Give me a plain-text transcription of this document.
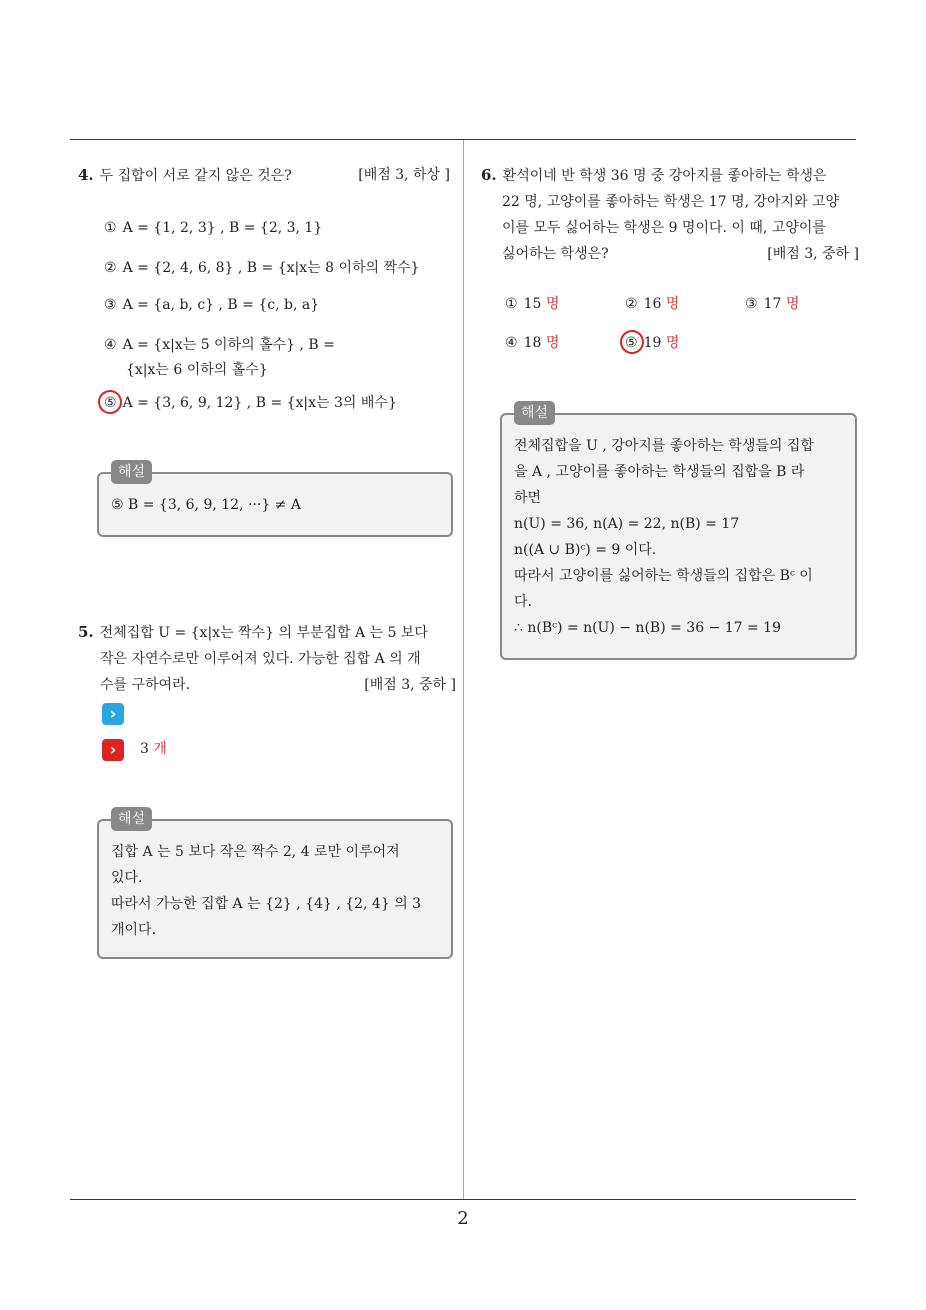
4. 두 집합이 서로 같지 않은 것은?	[배점 3, 하상 ]
① A = {1, 2, 3} , B = {2, 3, 1}
② A = {2, 4, 6, 8} , B = {x|x는 8 이하의 짝수}
③ A = {a, b, c} , B = {c, b, a}
④ A = {x|x는 5 이하의 홀수} , B =
{x|x는 6 이하의 홀수}
⑤ A = {3, 6, 9, 12} , B = {x|x는 3의 배수}
해설
⑤ B = {3, 6, 9, 12, ···} ≠ A
5. 전체집합 U = {x|x는 짝수} 의 부분집합 A 는 5 보다
작은 자연수로만 이루어져 있다. 가능한 집합 A 의 개
수를 구하여라.	[배점 3, 중하 ]
›
›	3 개
해설
집합 A 는 5 보다 작은 짝수 2, 4 로만 이루어져
있다.
따라서 가능한 집합 A 는 {2} , {4} , {2, 4} 의 3
개이다.
6. 환석이네 반 학생 36 명 중 강아지를 좋아하는 학생은
22 명, 고양이를 좋아하는 학생은 17 명, 강아지와 고양
이를 모두 싫어하는 학생은 9 명이다. 이 때, 고양이를
싫어하는 학생은?	[배점 3, 중하 ]
① 15 명	② 16 명	③ 17 명
④ 18 명	⑤ 19 명
해설
전체집합을 U , 강아지를 좋아하는 학생들의 집합
을 A , 고양이를 좋아하는 학생들의 집합을 B 라
하면
n(U) = 36, n(A) = 22, n(B) = 17
n((A ∪ B)ᶜ) = 9 이다.
따라서 고양이를 싫어하는 학생들의 집합은 Bᶜ 이
다.
∴ n(Bᶜ) = n(U) − n(B) = 36 − 17 = 19
2
